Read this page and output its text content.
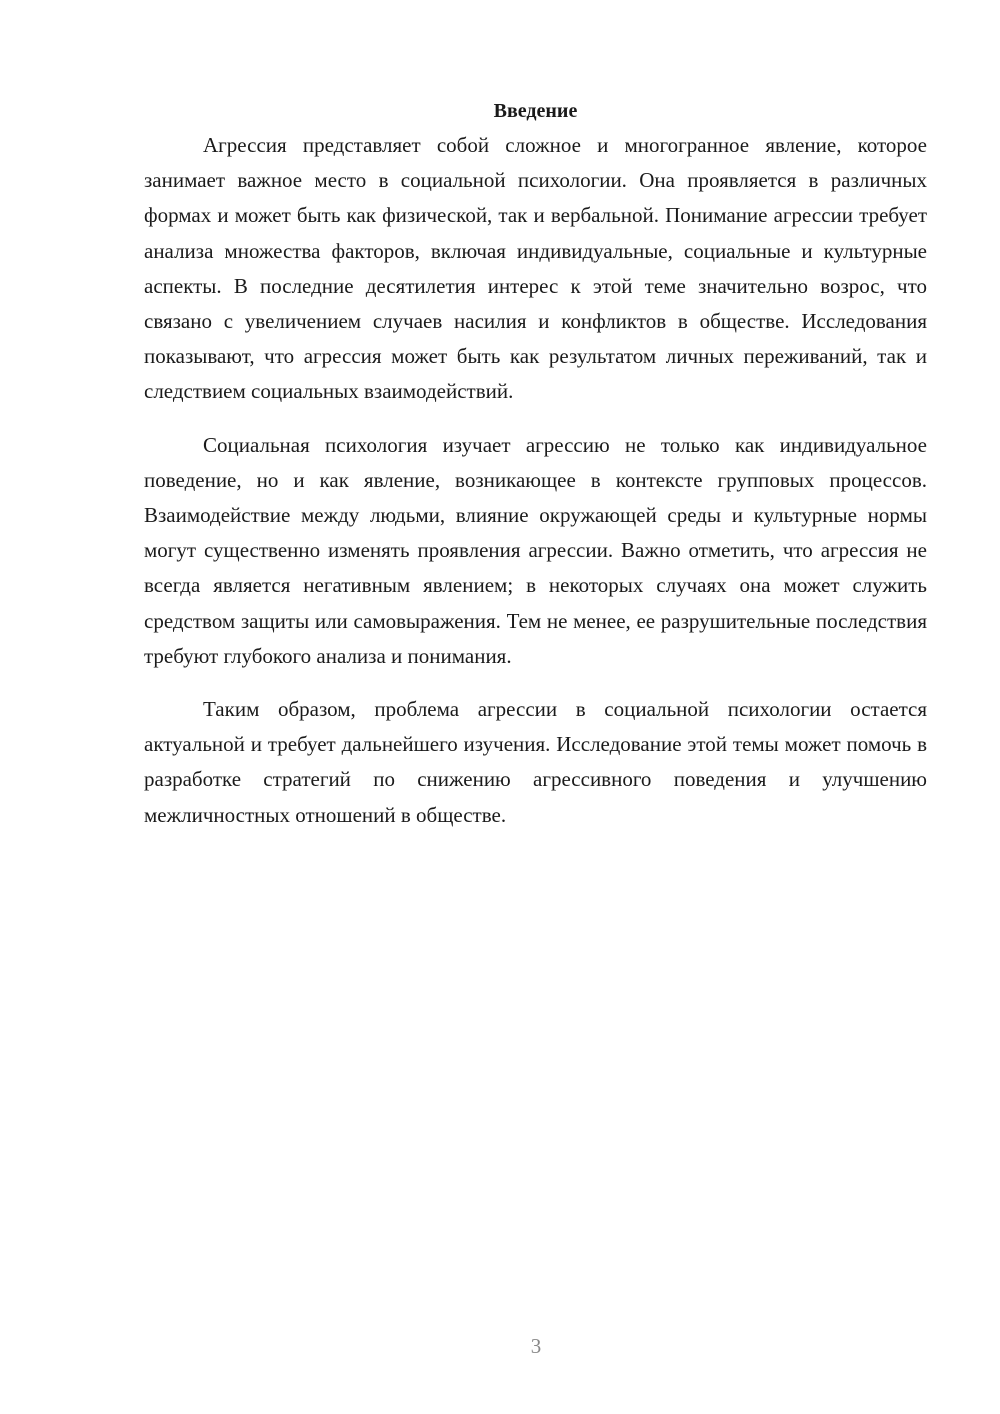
Введение

Агрессия представляет собой сложное и многогранное явление, которое занимает важное место в социальной психологии. Она проявляется в различных формах и может быть как физической, так и вербальной. Понимание агрессии требует анализа множества факторов, включая индивидуальные, социальные и культурные аспекты. В последние десятилетия интерес к этой теме значительно возрос, что связано с увеличением случаев насилия и конфликтов в обществе. Исследования показывают, что агрессия может быть как результатом личных переживаний, так и следствием социальных взаимодействий.

Социальная психология изучает агрессию не только как индивидуальное поведение, но и как явление, возникающее в контексте групповых процессов. Взаимодействие между людьми, влияние окружающей среды и культурные нормы могут существенно изменять проявления агрессии. Важно отметить, что агрессия не всегда является негативным явлением; в некоторых случаях она может служить средством защиты или самовыражения. Тем не менее, ее разрушительные последствия требуют глубокого анализа и понимания.

Таким образом, проблема агрессии в социальной психологии остается актуальной и требует дальнейшего изучения. Исследование этой темы может помочь в разработке стратегий по снижению агрессивного поведения и улучшению межличностных отношений в обществе.

3
